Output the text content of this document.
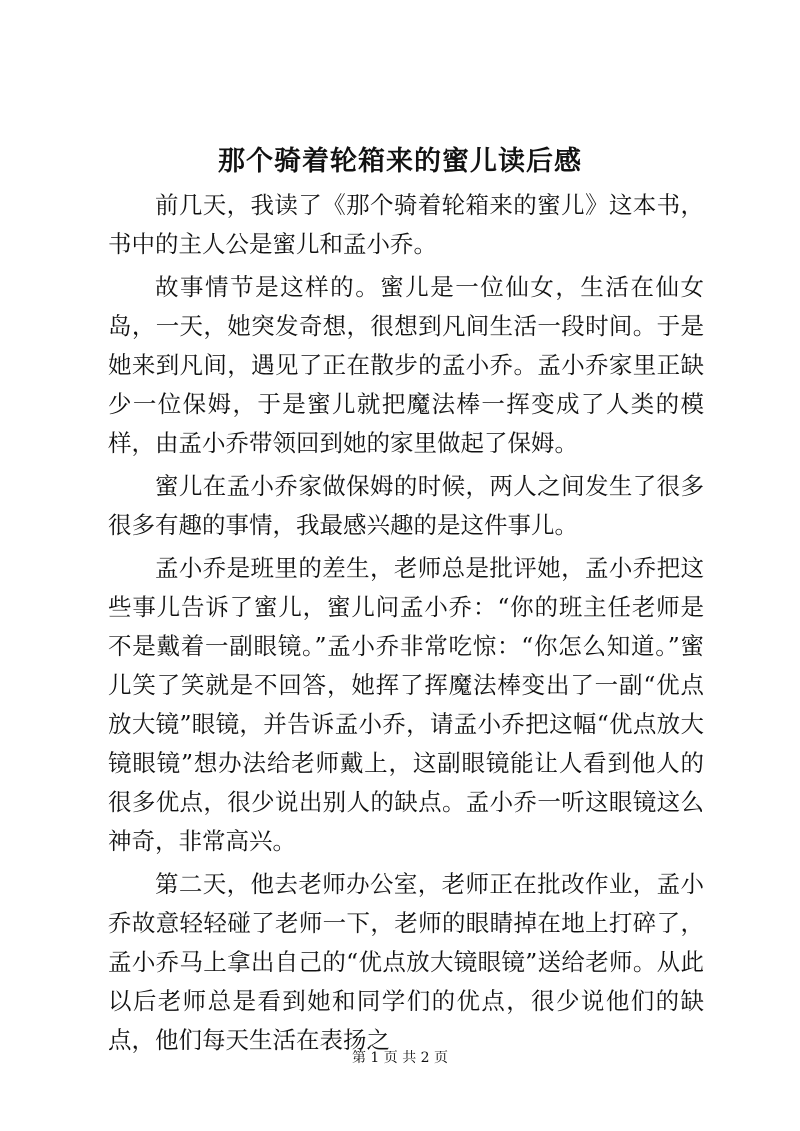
那个骑着轮箱来的蜜儿读后感

前几天，我读了《那个骑着轮箱来的蜜儿》这本书，书中的主人公是蜜儿和孟小乔。

故事情节是这样的。蜜儿是一位仙女，生活在仙女岛，一天，她突发奇想，很想到凡间生活一段时间。于是她来到凡间，遇见了正在散步的孟小乔。孟小乔家里正缺少一位保姆，于是蜜儿就把魔法棒一挥变成了人类的模样，由孟小乔带领回到她的家里做起了保姆。

蜜儿在孟小乔家做保姆的时候，两人之间发生了很多很多有趣的事情，我最感兴趣的是这件事儿。

孟小乔是班里的差生，老师总是批评她，孟小乔把这些事儿告诉了蜜儿，蜜儿问孟小乔：“你的班主任老师是不是戴着一副眼镜。”孟小乔非常吃惊：“你怎么知道。”蜜儿笑了笑就是不回答，她挥了挥魔法棒变出了一副“优点放大镜”眼镜，并告诉孟小乔，请孟小乔把这幅“优点放大镜眼镜”想办法给老师戴上，这副眼镜能让人看到他人的很多优点，很少说出别人的缺点。孟小乔一听这眼镜这么神奇，非常高兴。

第二天，他去老师办公室，老师正在批改作业，孟小乔故意轻轻碰了老师一下，老师的眼睛掉在地上打碎了，孟小乔马上拿出自己的“优点放大镜眼镜”送给老师。从此以后老师总是看到她和同学们的优点，很少说他们的缺点，他们每天生活在表扬之

第 1 页 共 2 页
